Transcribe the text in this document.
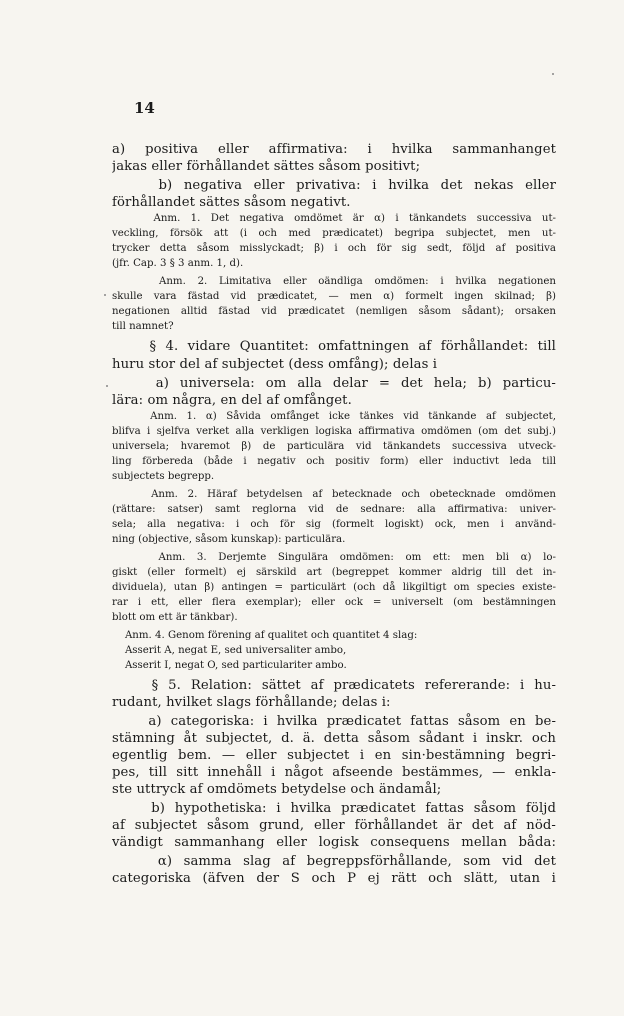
14
a) positiva eller affirmativa: i hvilka sammanhanget
jakas eller förhållandet sättes såsom positivt;
b) negativa eller privativa: i hvilka det nekas eller
förhållandet sättes såsom negativt.
Anm. 1. Det negativa omdömet är α) i tänkandets successiva ut-
veckling, försök att (i och med prædicatet) begripa subjectet, men ut-
trycker detta såsom misslyckadt; β) i och för sig sedt, följd af positiva
(jfr. Cap. 3 § 3 anm. 1, d).
Anm. 2. Limitativa eller oändliga omdömen: i hvilka negationen
skulle vara fästad vid prædicatet, — men α) formelt ingen skilnad; β)
negationen alltid fästad vid prædicatet (nemligen såsom sådant); orsaken
till namnet?
§ 4. vidare Quantitet: omfattningen af förhållandet: till
huru stor del af subjectet (dess omfång); delas i
a) universela: om alla delar = det hela; b) particu-
lära: om några, en del af omfånget.
Anm. 1. α) Såvida omfånget icke tänkes vid tänkande af subjectet,
blifva i sjelfva verket alla verkligen logiska affirmativa omdömen (om det subj.)
universela; hvaremot β) de particulära vid tänkandets successiva utveck-
ling förberedа (både i negativ och positiv form) eller inductivt leda till
subjectets begrepp.
Anm. 2. Häraf betydelsen af betecknade och obetecknade omdömen
(rättare: satser) samt reglorna vid de sednare: alla affirmativa: univer-
sela; alla negativa: i och för sig (formelt logiskt) ock, men i använd-
ning (objective, såsom kunskap): particulära.
Anm. 3. Derjemte Singulära omdömen: om ett: men bli α) lo-
giskt (eller formelt) ej särskild art (begreppet kommer aldrig till det in-
dividuela), utan β) antingen = particulärt (och då likgiltigt om species existe-
rar i ett, eller flera exemplar); eller ock = universelt (om bestämningen
blott om ett är tänkbar).
Anm. 4. Genom förening af qualitet och quantitet 4 slag:
Asserit A, negat E, sed universaliter ambo,
Asserit I, negat O, sed particulariter ambo.
§ 5. Relation: sättet af prædicatets refererande: i hu-
rudant, hvilket slags förhållande; delas i:
a) categoriska: i hvilka prædicatet fattas såsom en be-
stämning åt subjectet, d. ä. detta såsom sådant i inskr. och
egentlig bem. — eller subjectet i en sin·bestämning begri-
pes, till sitt innehåll i något afseende bestämmes, — enkla-
ste uttryck af omdömets betydelse och ändamål;
b) hypothetiska: i hvilka prædicatet fattas såsom följd
af subjectet såsom grund, eller förhållandet är det af nöd-
vändigt sammanhang eller logisk consequens mellan båda:
α) samma slag af begreppsförhållande, som vid det
categoriska (äfven der S och P ej rätt och slätt, utan i
